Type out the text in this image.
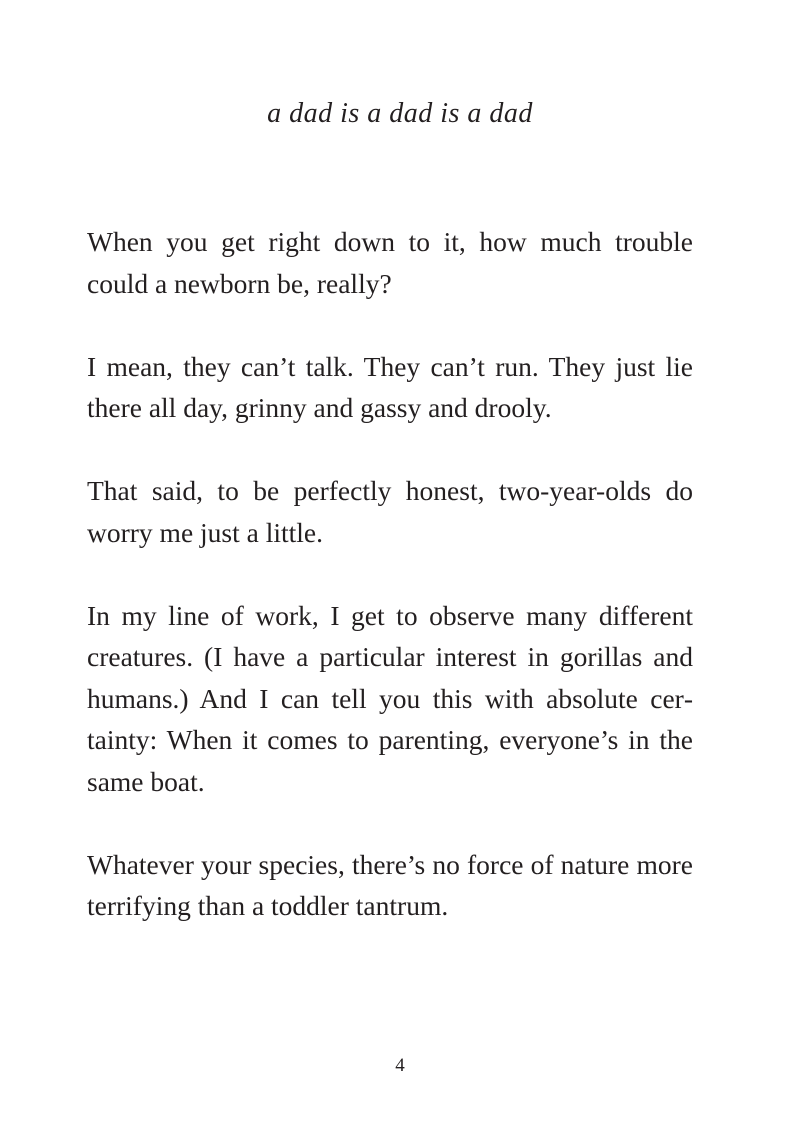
a dad is a dad is a dad

When you get right down to it, how much trouble could a newborn be, really?

I mean, they can’t talk. They can’t run. They just lie there all day, grinny and gassy and drooly.

That said, to be perfectly honest, two-year-olds do worry me just a little.

In my line of work, I get to observe many different creatures. (I have a particular interest in gorillas and humans.) And I can tell you this with absolute certainty: When it comes to parenting, everyone’s in the same boat.

Whatever your species, there’s no force of nature more terrifying than a toddler tantrum.

4
